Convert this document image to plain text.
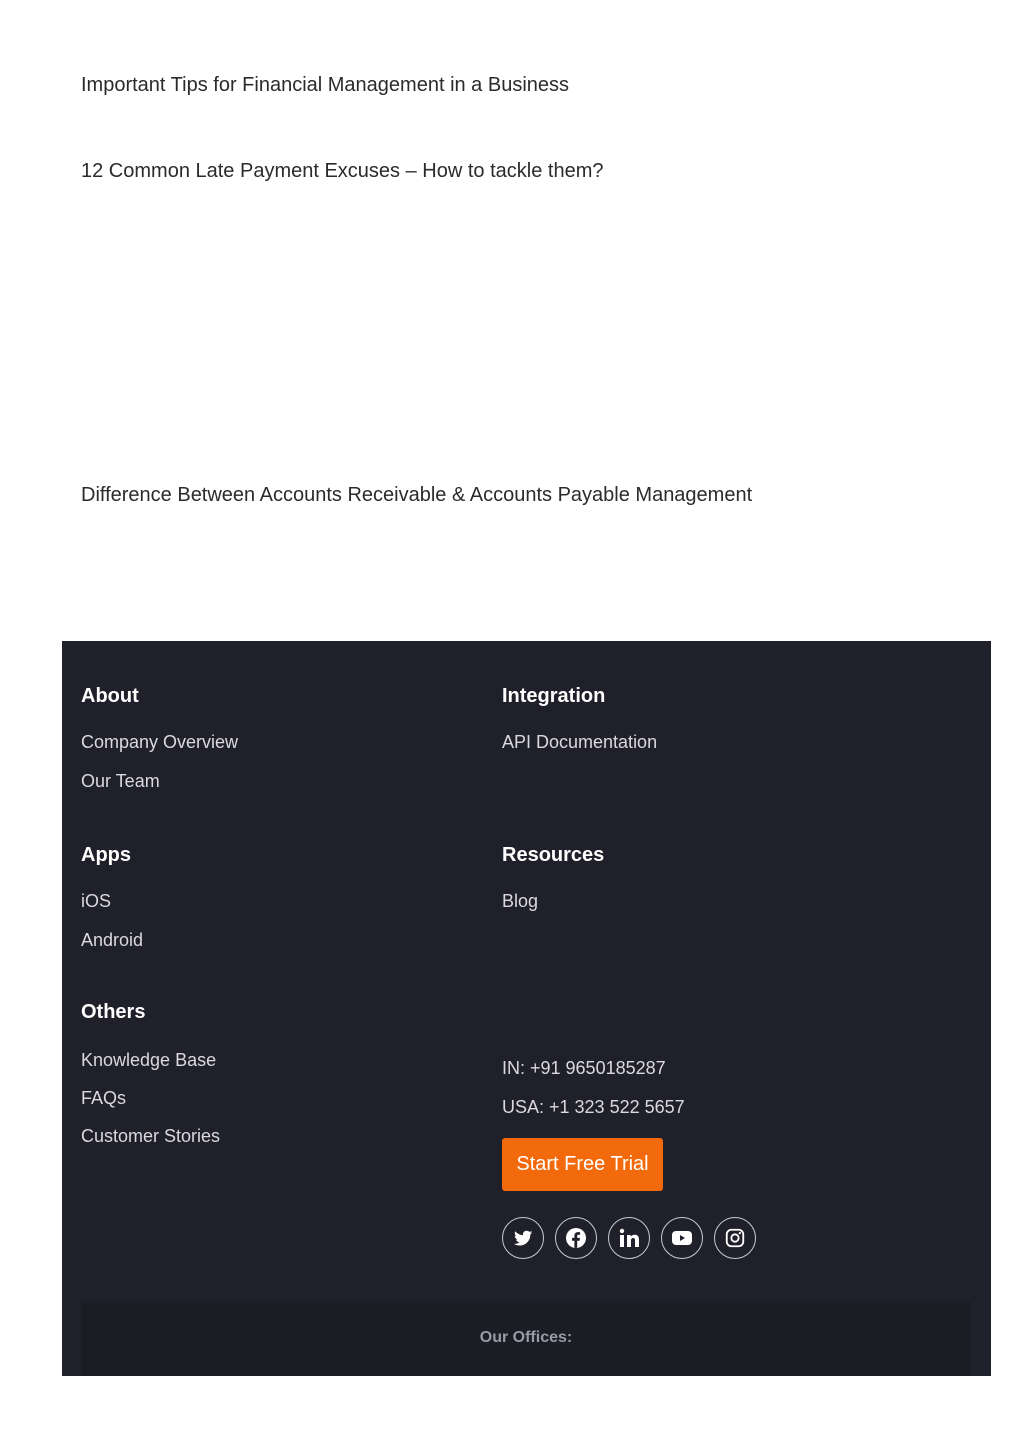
Important Tips for Financial Management in a Business
12 Common Late Payment Excuses – How to tackle them?
Difference Between Accounts Receivable & Accounts Payable Management
About
Company Overview
Our Team
Integration
API Documentation
Apps
iOS
Android
Resources
Blog
Others
Knowledge Base
FAQs
Customer Stories
IN: +91 9650185287
USA: +1 323 522 5657
Start Free Trial
Our Offices:
